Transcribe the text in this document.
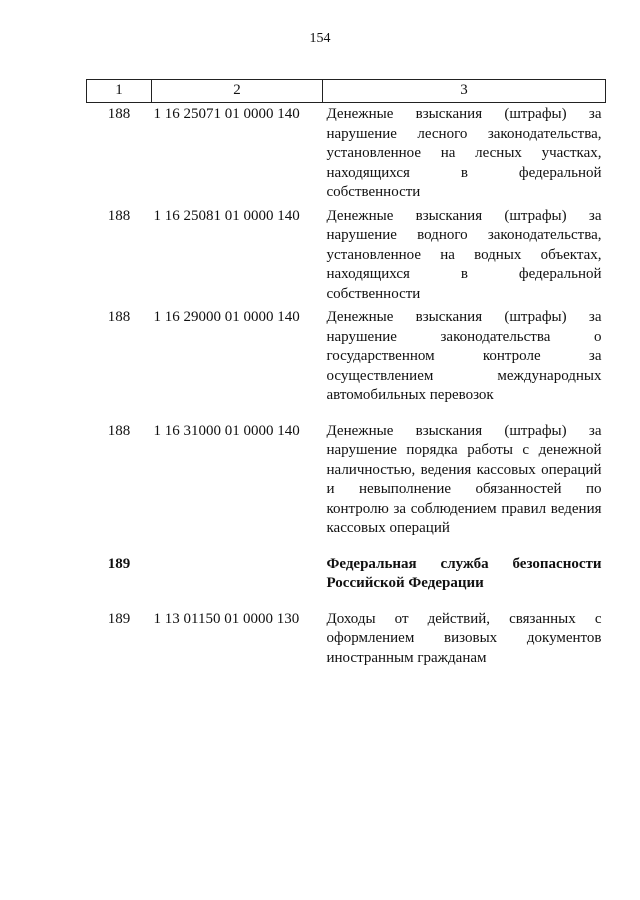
154
1	2	3
188	1 16 25071 01 0000 140	Денежные взыскания (штрафы) за нарушение лесного законодательства, установленное на лесных участках, находящихся в федеральной собственности
188	1 16 25081 01 0000 140	Денежные взыскания (штрафы) за нарушение водного законодательства, установленное на водных объектах, находящихся в федеральной собственности
188	1 16 29000 01 0000 140	Денежные взыскания (штрафы) за нарушение законодательства о государственном контроле за осуществлением международных автомобильных перевозок
188	1 16 31000 01 0000 140	Денежные взыскания (штрафы) за нарушение порядка работы с денежной наличностью, ведения кассовых операций и невыполнение обязанностей по контролю за соблюдением правил ведения кассовых операций
189		Федеральная служба безопасности Российской Федерации
189	1 13 01150 01 0000 130	Доходы от действий, связанных с оформлением визовых документов иностранным гражданам
